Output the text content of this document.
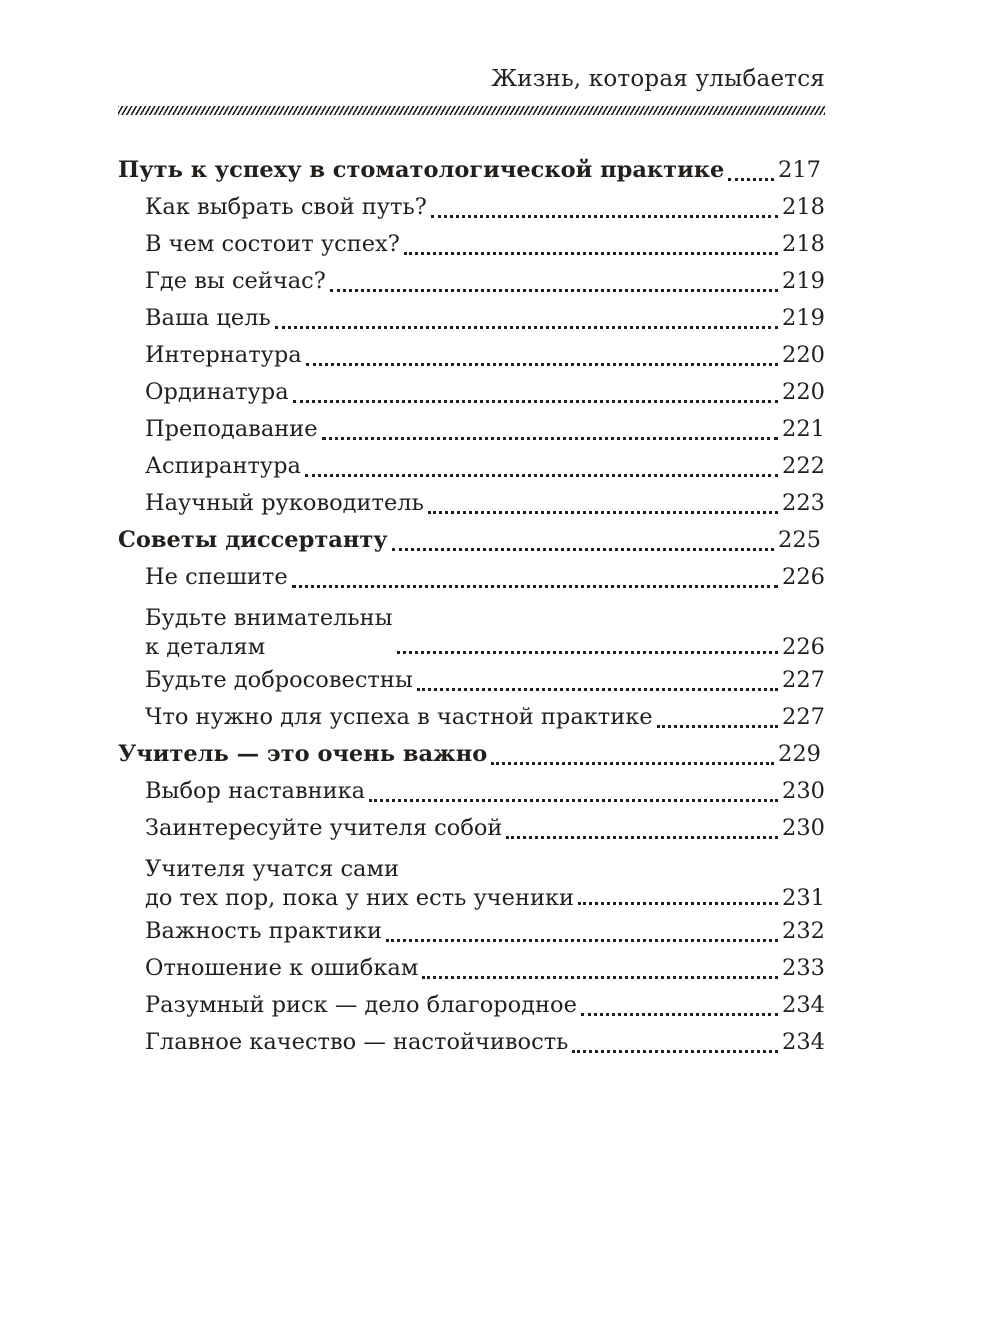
Жизнь, которая улыбается
Путь к успеху в стоматологической практике 217
Как выбрать свой путь?	218
В чем состоит успех?	218
Где вы сейчас?	219
Ваша цель	219
Интернатура	220
Ординатура	220
Преподавание	221
Аспирантура	222
Научный руководитель	223
Советы диссертанту	225
Не спешите	226
Будьте внимательны
к деталям	226
Будьте добросовестны	227
Что нужно для успеха в частной практике	227
Учитель — это очень важно	229
Выбор наставника	230
Заинтересуйте учителя собой	230
Учителя учатся сами
до тех пор, пока у них есть ученики	231
Важность практики	232
Отношение к ошибкам	233
Разумный риск — дело благородное	234
Главное качество — настойчивость	234
